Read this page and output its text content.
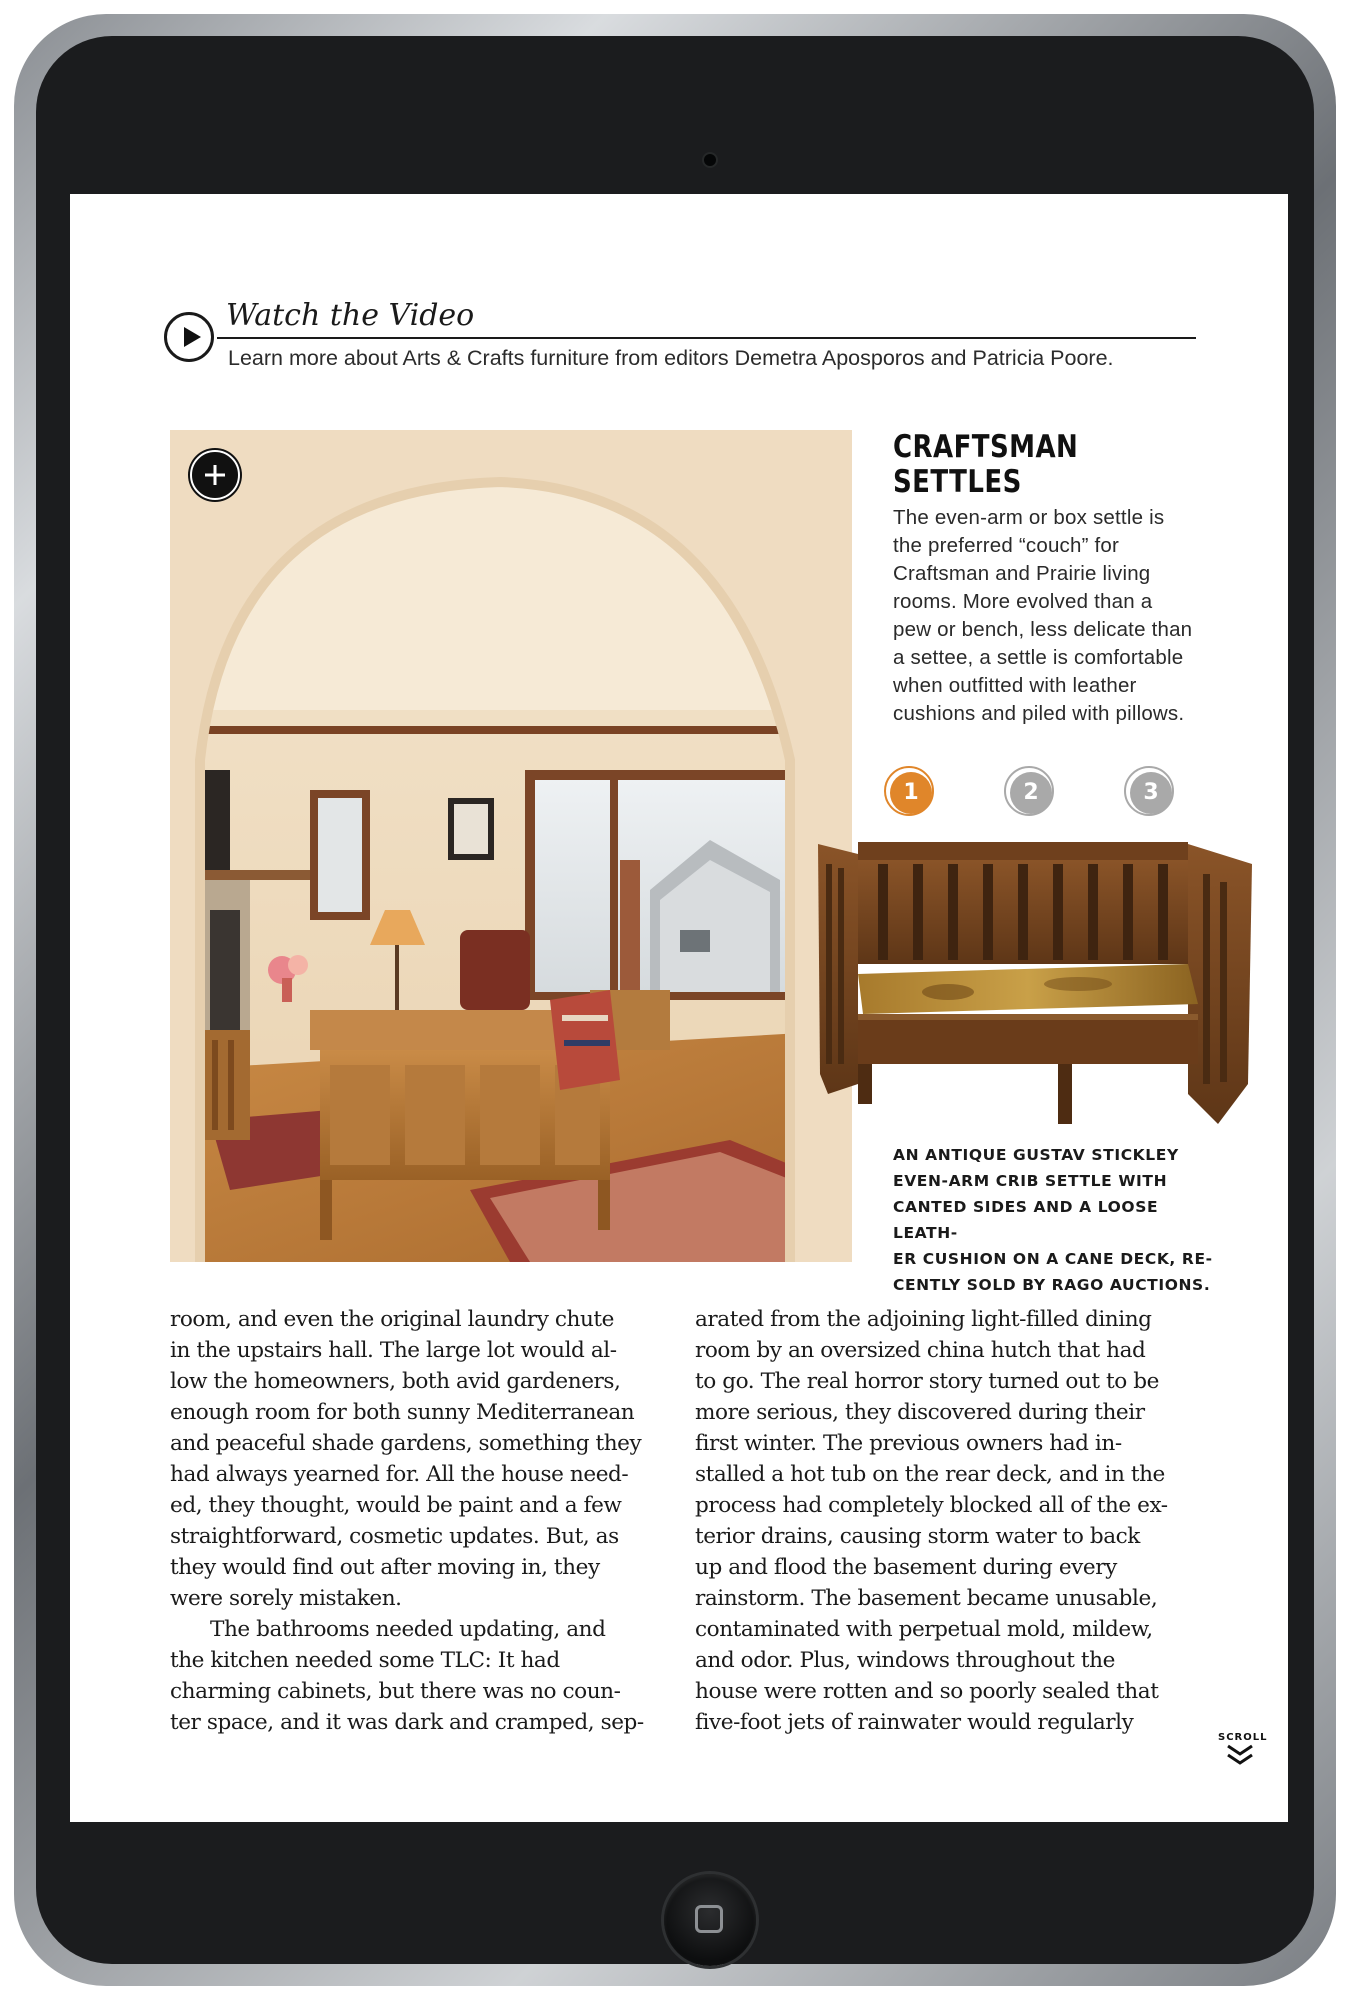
Watch the Video
Learn more about Arts & Crafts furniture from editors Demetra Aposporos and Patricia Poore.
CRAFTSMAN
SETTLES
The even-arm or box settle is the preferred “couch” for Craftsman and Prairie living rooms. More evolved than a pew or bench, less delicate than a settee, a settle is comfortable when outfitted with leather cushions and piled with pillows.
1	2	3
AN ANTIQUE GUSTAV STICKLEY
EVEN-ARM CRIB SETTLE WITH
CANTED SIDES AND A LOOSE LEATH-
ER CUSHION ON A CANE DECK, RE-
CENTLY SOLD BY RAGO AUCTIONS.
room, and even the original laundry chute
in the upstairs hall. The large lot would al-
low the homeowners, both avid gardeners,
enough room for both sunny Mediterranean
and peaceful shade gardens, something they
had always yearned for. All the house need-
ed, they thought, would be paint and a few
straightforward, cosmetic updates. But, as
they would find out after moving in, they
were sorely mistaken.
The bathrooms needed updating, and
the kitchen needed some TLC: It had
charming cabinets, but there was no coun-
ter space, and it was dark and cramped, sep-
arated from the adjoining light-filled dining
room by an oversized china hutch that had
to go. The real horror story turned out to be
more serious, they discovered during their
first winter. The previous owners had in-
stalled a hot tub on the rear deck, and in the
process had completely blocked all of the ex-
terior drains, causing storm water to back
up and flood the basement during every
rainstorm. The basement became unusable,
contaminated with perpetual mold, mildew,
and odor. Plus, windows throughout the
house were rotten and so poorly sealed that
five-foot jets of rainwater would regularly
SCROLL
